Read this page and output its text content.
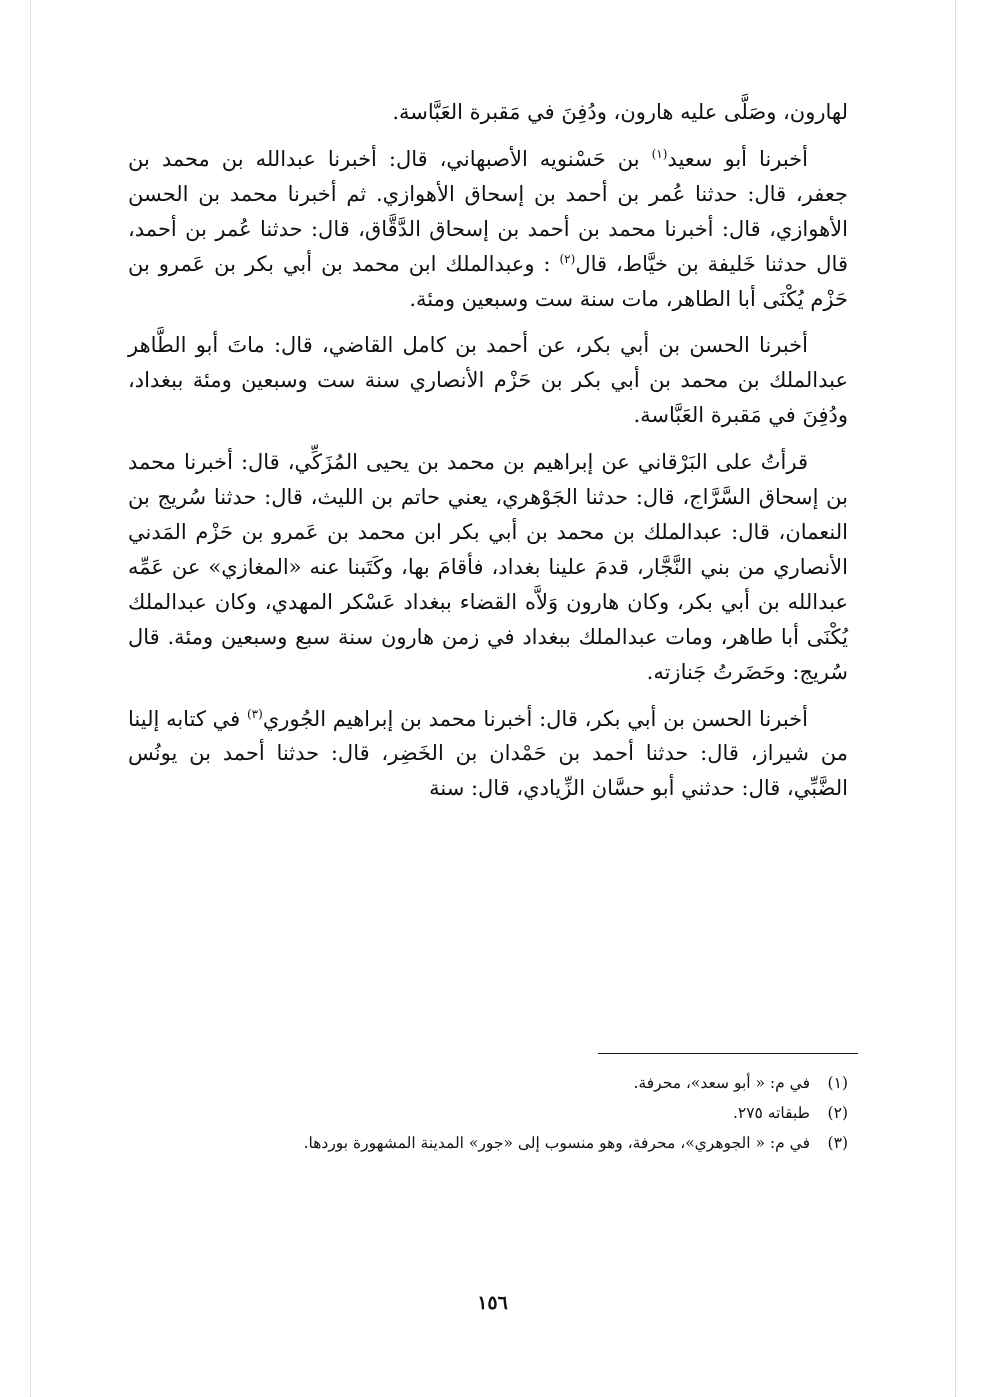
لهارون، وصَلَّى عليه هارون، ودُفِنَ في مَقبرة العَبَّاسة.

أخبرنا أبو سعيد$^{(١)}$ بن حَسْنويه الأصبهاني، قال: أخبرنا عبدالله بن محمد بن جعفر، قال: حدثنا عُمر بن أحمد بن إسحاق الأهوازي. ثم أخبرنا محمد بن الحسن الأهوازي، قال: أخبرنا محمد بن أحمد بن إسحاق الدَّقَّاق، قال: حدثنا عُمر بن أحمد، قال حدثنا خَليفة بن خيَّاط، قال$^{(٢)}$ : وعبدالملك ابن محمد بن أبي بكر بن عَمرو بن حَزْم يُكْنَى أبا الطاهر، مات سنة ست وسبعين ومئة.

أخبرنا الحسن بن أبي بكر، عن أحمد بن كامل القاضي، قال: ماتَ أبو الطَّاهر عبدالملك بن محمد بن أبي بكر بن حَزْم الأنصاري سنة ست وسبعين ومئة ببغداد، ودُفِنَ في مَقبرة العَبَّاسة.

قرأتُ على البَرْقاني عن إبراهيم بن محمد بن يحيى المُزَكِّي، قال: أخبرنا محمد بن إسحاق السَّرَّاج، قال: حدثنا الجَوْهري، يعني حاتم بن الليث، قال: حدثنا سُريج بن النعمان، قال: عبدالملك بن محمد بن أبي بكر ابن محمد بن عَمرو بن حَزْم المَدني الأنصاري من بني النَّجَّار، قدمَ علينا بغداد، فأقامَ بها، وكَتَبنا عنه «المغازي» عن عَمِّه عبدالله بن أبي بكر، وكان هارون وَلاَّه القضاء ببغداد عَسْكر المهدي، وكان عبدالملك يُكْنَى أبا طاهر، ومات عبدالملك ببغداد في زمن هارون سنة سبع وسبعين ومئة. قال سُريج: وحَضَرتُ جَنازته.

أخبرنا الحسن بن أبي بكر، قال: أخبرنا محمد بن إبراهيم الجُوري$^{(٣)}$ في كتابه إلينا من شيراز، قال: حدثنا أحمد بن حَمْدان بن الخَضِر، قال: حدثنا أحمد بن يونُس الضَّبِّي، قال: حدثني أبو حسَّان الزِّيادي، قال: سنة

(١)في م: « أبو سعد»، محرفة.
(٢)طبقاته ٢٧٥.
(٣)في م: « الجوهري»، محرفة، وهو منسوب إلى «جور» المدينة المشهورة بوردها.
١٥٦
